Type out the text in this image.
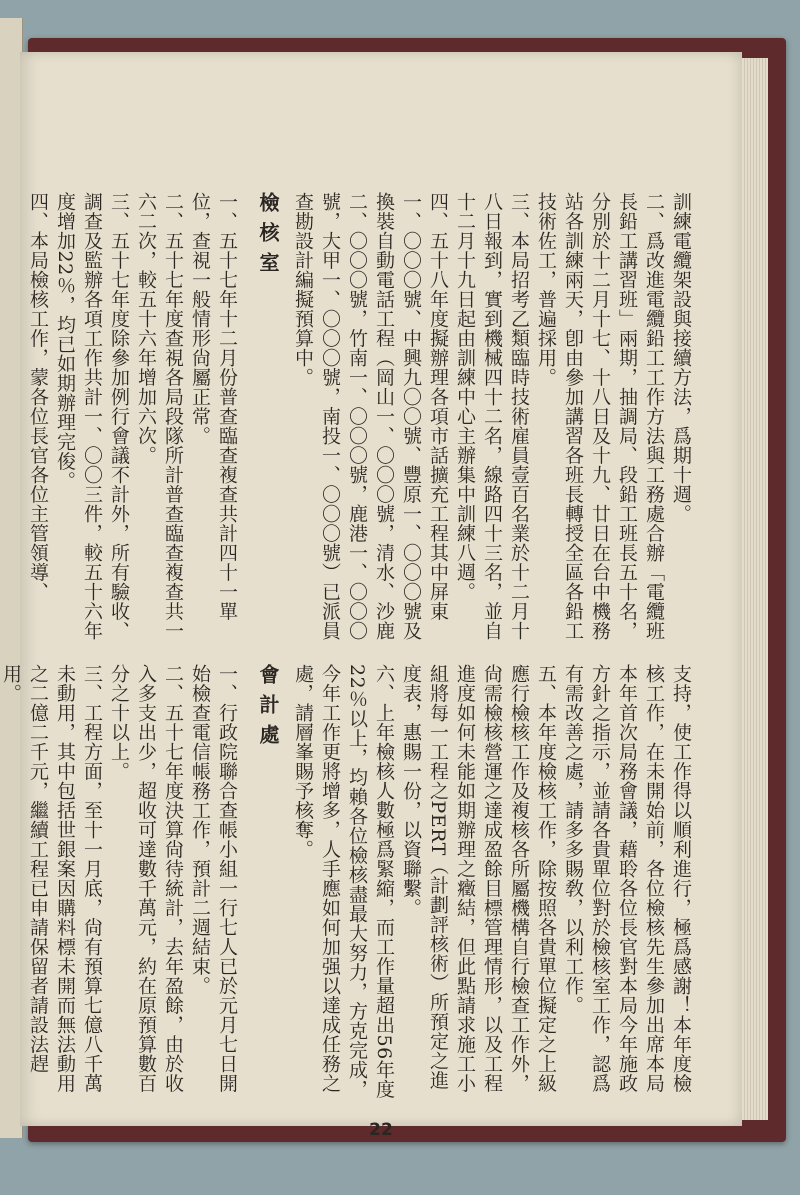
訓練電纜架設與接續方法，爲期十週。

二、爲改進電纜鉛工工作方法與工務處合辦「電纜班長鉛工講習班」兩期，抽調局、段鉛工班長五十名，分別於十二月十七、十八日及十九、廿日在台中機務站各訓練兩天，卽由參加講習各班長轉授全區各鉛工技術佐工，普遍採用。

三、本局招考乙類臨時技術雇員壹百名業於十二月十八日報到，實到機械四十二名，線路四十三名，並自十二月十九日起由訓練中心主辦集中訓練八週。

四、五十八年度擬辦理各項市話擴充工程其中屏東一、〇〇〇號、中興九〇〇號、豐原一、〇〇〇號及換裝自動電話工程（岡山一、〇〇〇號，清水、沙鹿二、〇〇〇號，竹南一、〇〇〇號，鹿港一、〇〇〇號，大甲一、〇〇〇號，南投一、〇〇〇號）已派員查勘設計編擬預算中。

檢核室

一、五十七年十二月份普查臨查複查共計四十一單位，查視一般情形尙屬正常。

二、五十七年度查視各局段隊所計普查臨查複查共一六二次，較五十六年增加六次。

三、五十七年度除參加例行會議不計外，所有驗收、調查及監辦各項工作共計一、〇〇三件，較五十六年度增加22％，均已如期辦理完俊。

四、本局檢核工作，蒙各位長官各位主管領導、

支持，使工作得以順利進行，極爲感謝！本年度檢核工作，在未開始前，各位檢核先生參加出席本局本年首次局務會議，藉聆各位長官對本局今年施政方針之指示，並請各貴單位對於檢核室工作，認爲有需改善之處，請多多賜敎，以利工作。

五、本年度檢核工作，除按照各貴單位擬定之上級應行檢核工作及複核各所屬機構自行檢查工作外，尙需檢核營運之達成盈餘目標管理情形，以及工程進度如何未能如期辦理之癥結，但此點請求施工小組將每一工程之PERT（計劃評核術）所預定之進度表，惠賜一份，以資聯繫。

六、上年檢核人數極爲緊縮，而工作量超出56年度22％以上，均賴各位檢核盡最大努力，方克完成，今年工作更將增多，人手應如何加强以達成任務之處，請層峯賜予核奪。

會計處

一、行政院聯合查帳小組一行七人已於元月七日開始檢查電信帳務工作，預計二週結束。

二、五十七年度決算尙待統計，去年盈餘，由於收入多支出少，超收可達數千萬元，約在原預算數百分之十以上。

三、工程方面，至十一月底，尙有預算七億八千萬未動用，其中包括世銀案因購料標未開而無法動用之二億二千元，繼續工程已申請保留者請設法趕用。

22
